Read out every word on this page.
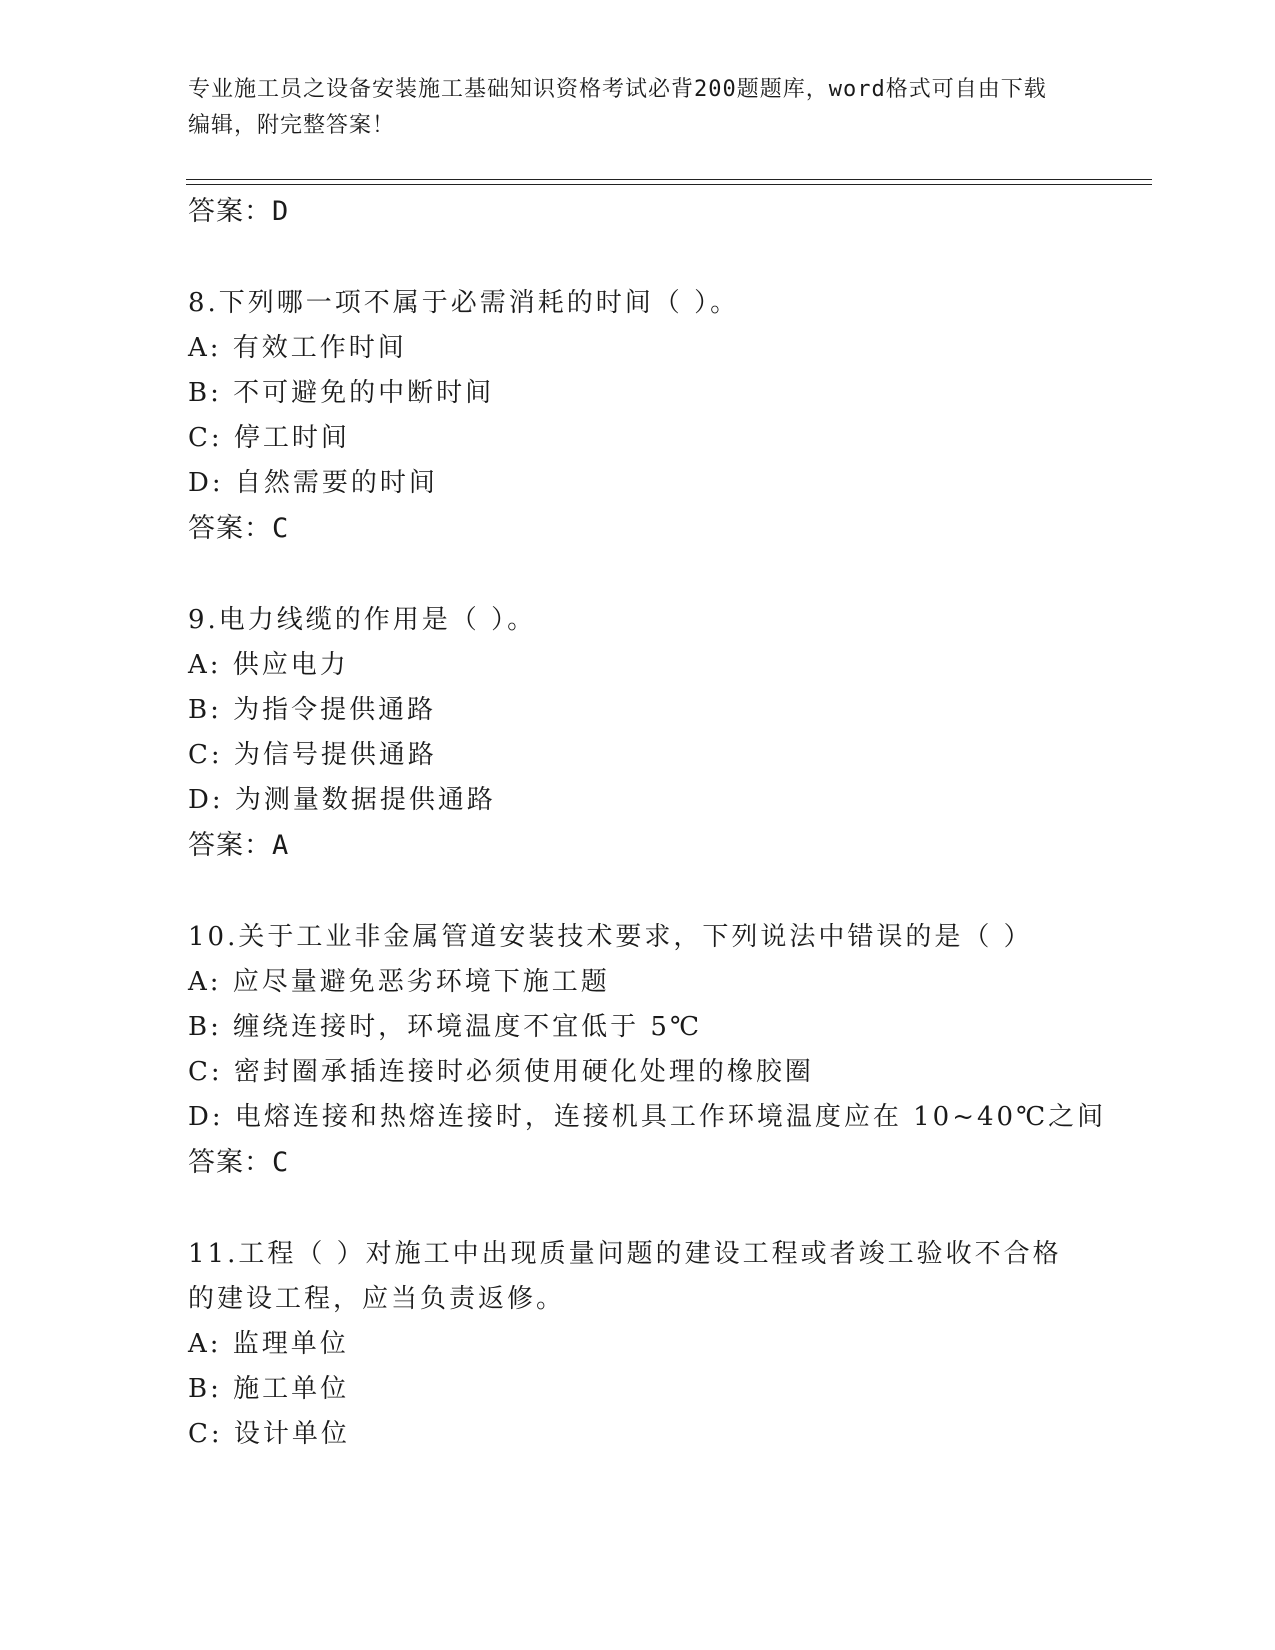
专业施工员之设备安装施工基础知识资格考试必背200题题库，word格式可自由下载编辑，附完整答案！
答案：D
8.下列哪一项不属于必需消耗的时间（ ）。
A: 有效工作时间
B: 不可避免的中断时间
C: 停工时间
D: 自然需要的时间
答案：C
9.电力线缆的作用是（ ）。
A: 供应电力
B: 为指令提供通路
C: 为信号提供通路
D: 为测量数据提供通路
答案：A
10.关于工业非金属管道安装技术要求，下列说法中错误的是（ ）
A: 应尽量避免恶劣环境下施工题
B: 缠绕连接时，环境温度不宜低于 5℃
C: 密封圈承插连接时必须使用硬化处理的橡胶圈
D: 电熔连接和热熔连接时，连接机具工作环境温度应在 10~40℃之间
答案：C
11.工程（ ）对施工中出现质量问题的建设工程或者竣工验收不合格的建设工程，应当负责返修。
A: 监理单位
B: 施工单位
C: 设计单位
